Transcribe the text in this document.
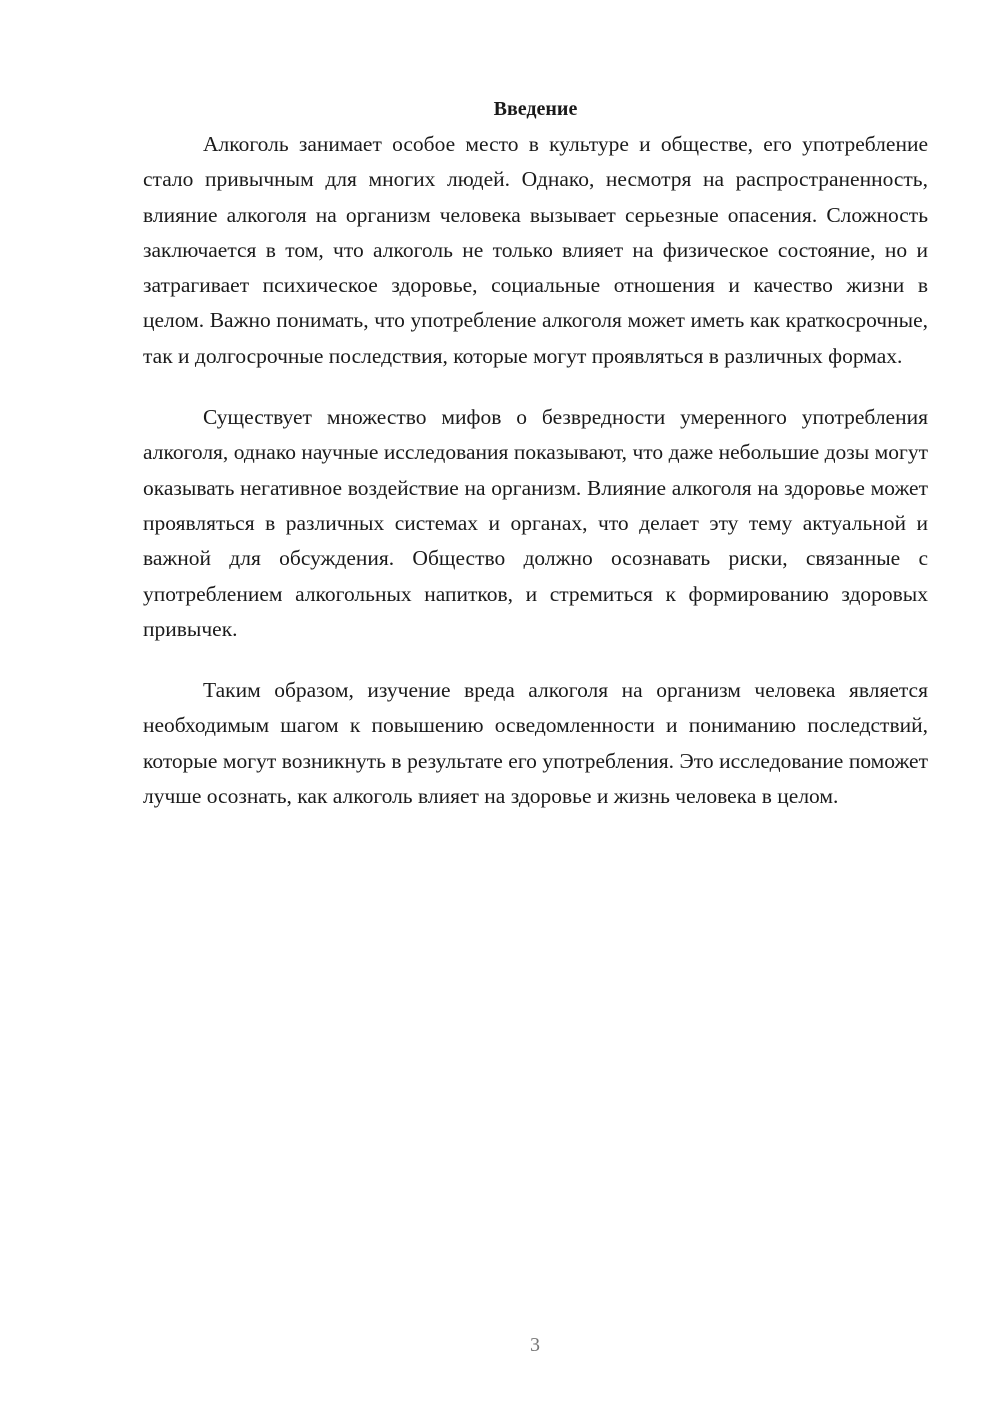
Введение

Алкоголь занимает особое место в культуре и обществе, его употребление стало привычным для многих людей. Однако, несмотря на распространенность, влияние алкоголя на организм человека вызывает серьезные опасения. Сложность заключается в том, что алкоголь не только влияет на физическое состояние, но и затрагивает психическое здоровье, социальные отношения и качество жизни в целом. Важно понимать, что употребление алкоголя может иметь как краткосрочные, так и долгосрочные последствия, которые могут проявляться в различных формах.

Существует множество мифов о безвредности умеренного употребления алкоголя, однако научные исследования показывают, что даже небольшие дозы могут оказывать негативное воздействие на организм. Влияние алкоголя на здоровье может проявляться в различных системах и органах, что делает эту тему актуальной и важной для обсуждения. Общество должно осознавать риски, связанные с употреблением алкогольных напитков, и стремиться к формированию здоровых привычек.

Таким образом, изучение вреда алкоголя на организм человека является необходимым шагом к повышению осведомленности и пониманию последствий, которые могут возникнуть в результате его употребления. Это исследование поможет лучше осознать, как алкоголь влияет на здоровье и жизнь человека в целом.

3
